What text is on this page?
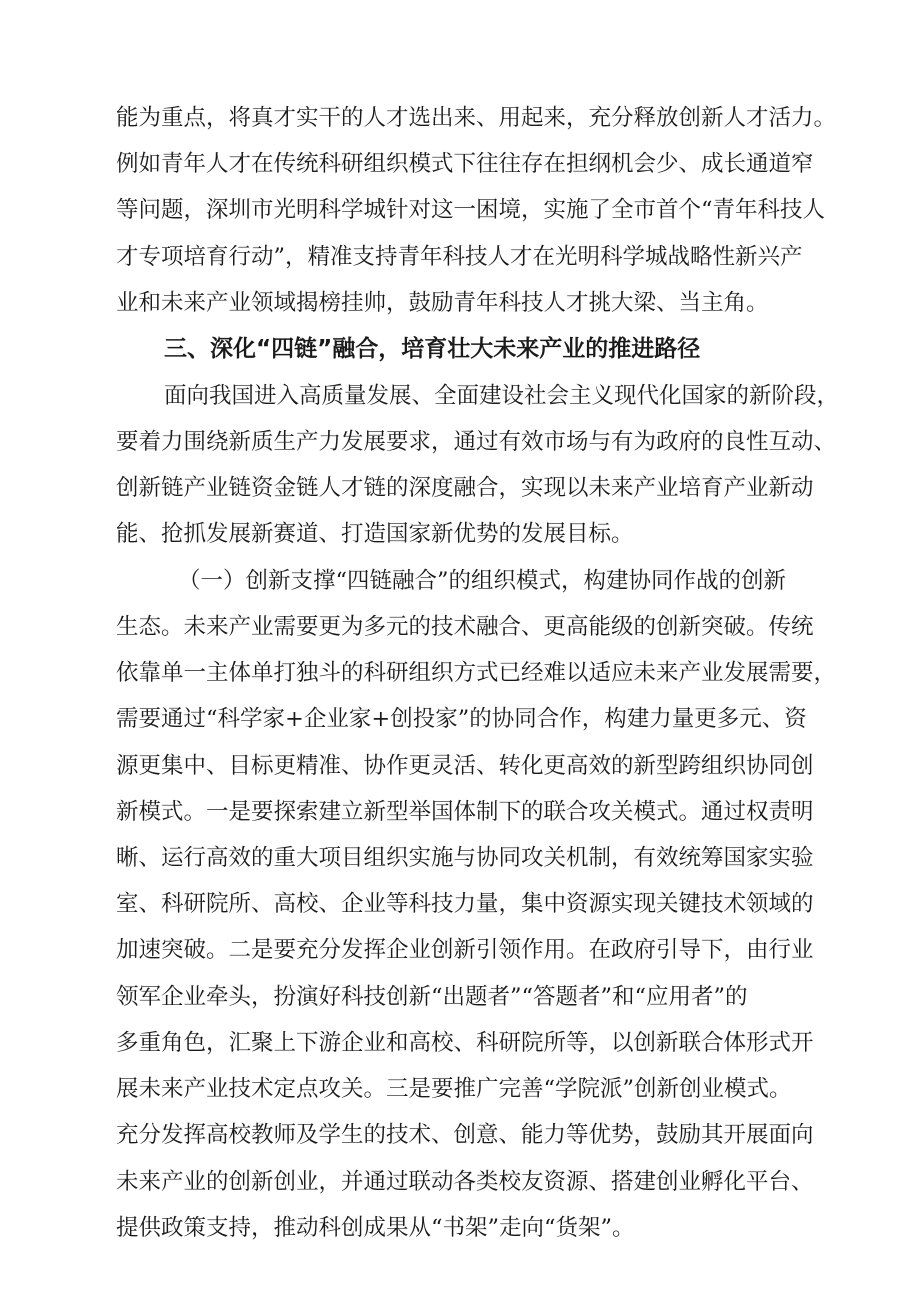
能为重点，将真才实干的人才选出来、用起来，充分释放创新人才活力。
例如青年人才在传统科研组织模式下往往存在担纲机会少、成长通道窄
等问题，深圳市光明科学城针对这一困境，实施了全市首个“青年科技人
才专项培育行动”，精准支持青年科技人才在光明科学城战略性新兴产
业和未来产业领域揭榜挂帅，鼓励青年科技人才挑大梁、当主角。
三、深化“四链”融合，培育壮大未来产业的推进路径
面向我国进入高质量发展、全面建设社会主义现代化国家的新阶段，
要着力围绕新质生产力发展要求，通过有效市场与有为政府的良性互动、
创新链产业链资金链人才链的深度融合，实现以未来产业培育产业新动
能、抢抓发展新赛道、打造国家新优势的发展目标。
（一）创新支撑“四链融合”的组织模式，构建协同作战的创新
生态。未来产业需要更为多元的技术融合、更高能级的创新突破。传统
依靠单一主体单打独斗的科研组织方式已经难以适应未来产业发展需要，
需要通过“科学家+企业家+创投家”的协同合作，构建力量更多元、资
源更集中、目标更精准、协作更灵活、转化更高效的新型跨组织协同创
新模式。一是要探索建立新型举国体制下的联合攻关模式。通过权责明
晰、运行高效的重大项目组织实施与协同攻关机制，有效统筹国家实验
室、科研院所、高校、企业等科技力量，集中资源实现关键技术领域的
加速突破。二是要充分发挥企业创新引领作用。在政府引导下，由行业
领军企业牵头，扮演好科技创新“出题者”“答题者”和“应用者”的
多重角色，汇聚上下游企业和高校、科研院所等，以创新联合体形式开
展未来产业技术定点攻关。三是要推广完善“学院派”创新创业模式。
充分发挥高校教师及学生的技术、创意、能力等优势，鼓励其开展面向
未来产业的创新创业，并通过联动各类校友资源、搭建创业孵化平台、
提供政策支持，推动科创成果从“书架”走向“货架”。
